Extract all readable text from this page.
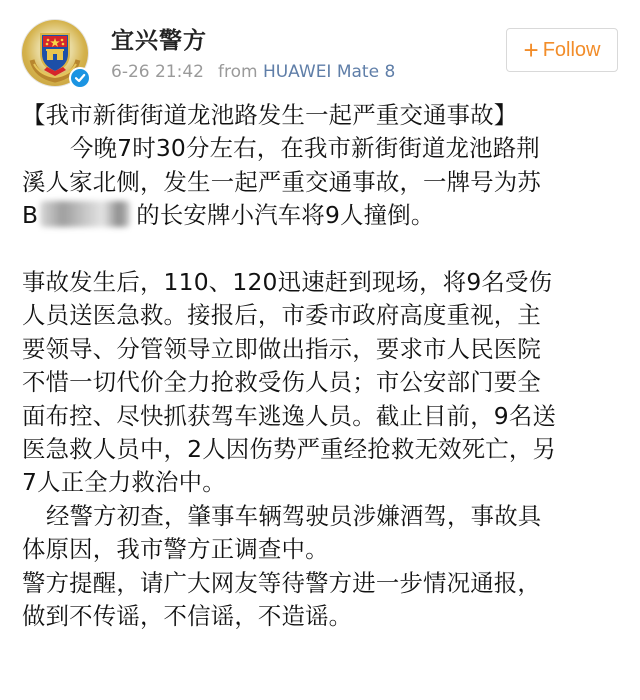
宜兴警方
6-26 21:42 from HUAWEI Mate 8
+ Follow

【我市新街街道龙池路发生一起严重交通事故】

今晚7时30分左右，在我市新街街道龙池路荆

溪人家北侧，发生一起严重交通事故，一牌号为苏

B	的长安牌小汽车将9人撞倒。

事故发生后，110、120迅速赶到现场，将9名受伤

人员送医急救。接报后，市委市政府高度重视，主

要领导、分管领导立即做出指示，要求市人民医院

不惜一切代价全力抢救受伤人员；市公安部门要全

面布控、尽快抓获驾车逃逸人员。截止目前，9名送

医急救人员中，2人因伤势严重经抢救无效死亡，另

7人正全力救治中。

经警方初查，肇事车辆驾驶员涉嫌酒驾，事故具

体原因，我市警方正调查中。

警方提醒，请广大网友等待警方进一步情况通报，

做到不传谣，不信谣，不造谣。
